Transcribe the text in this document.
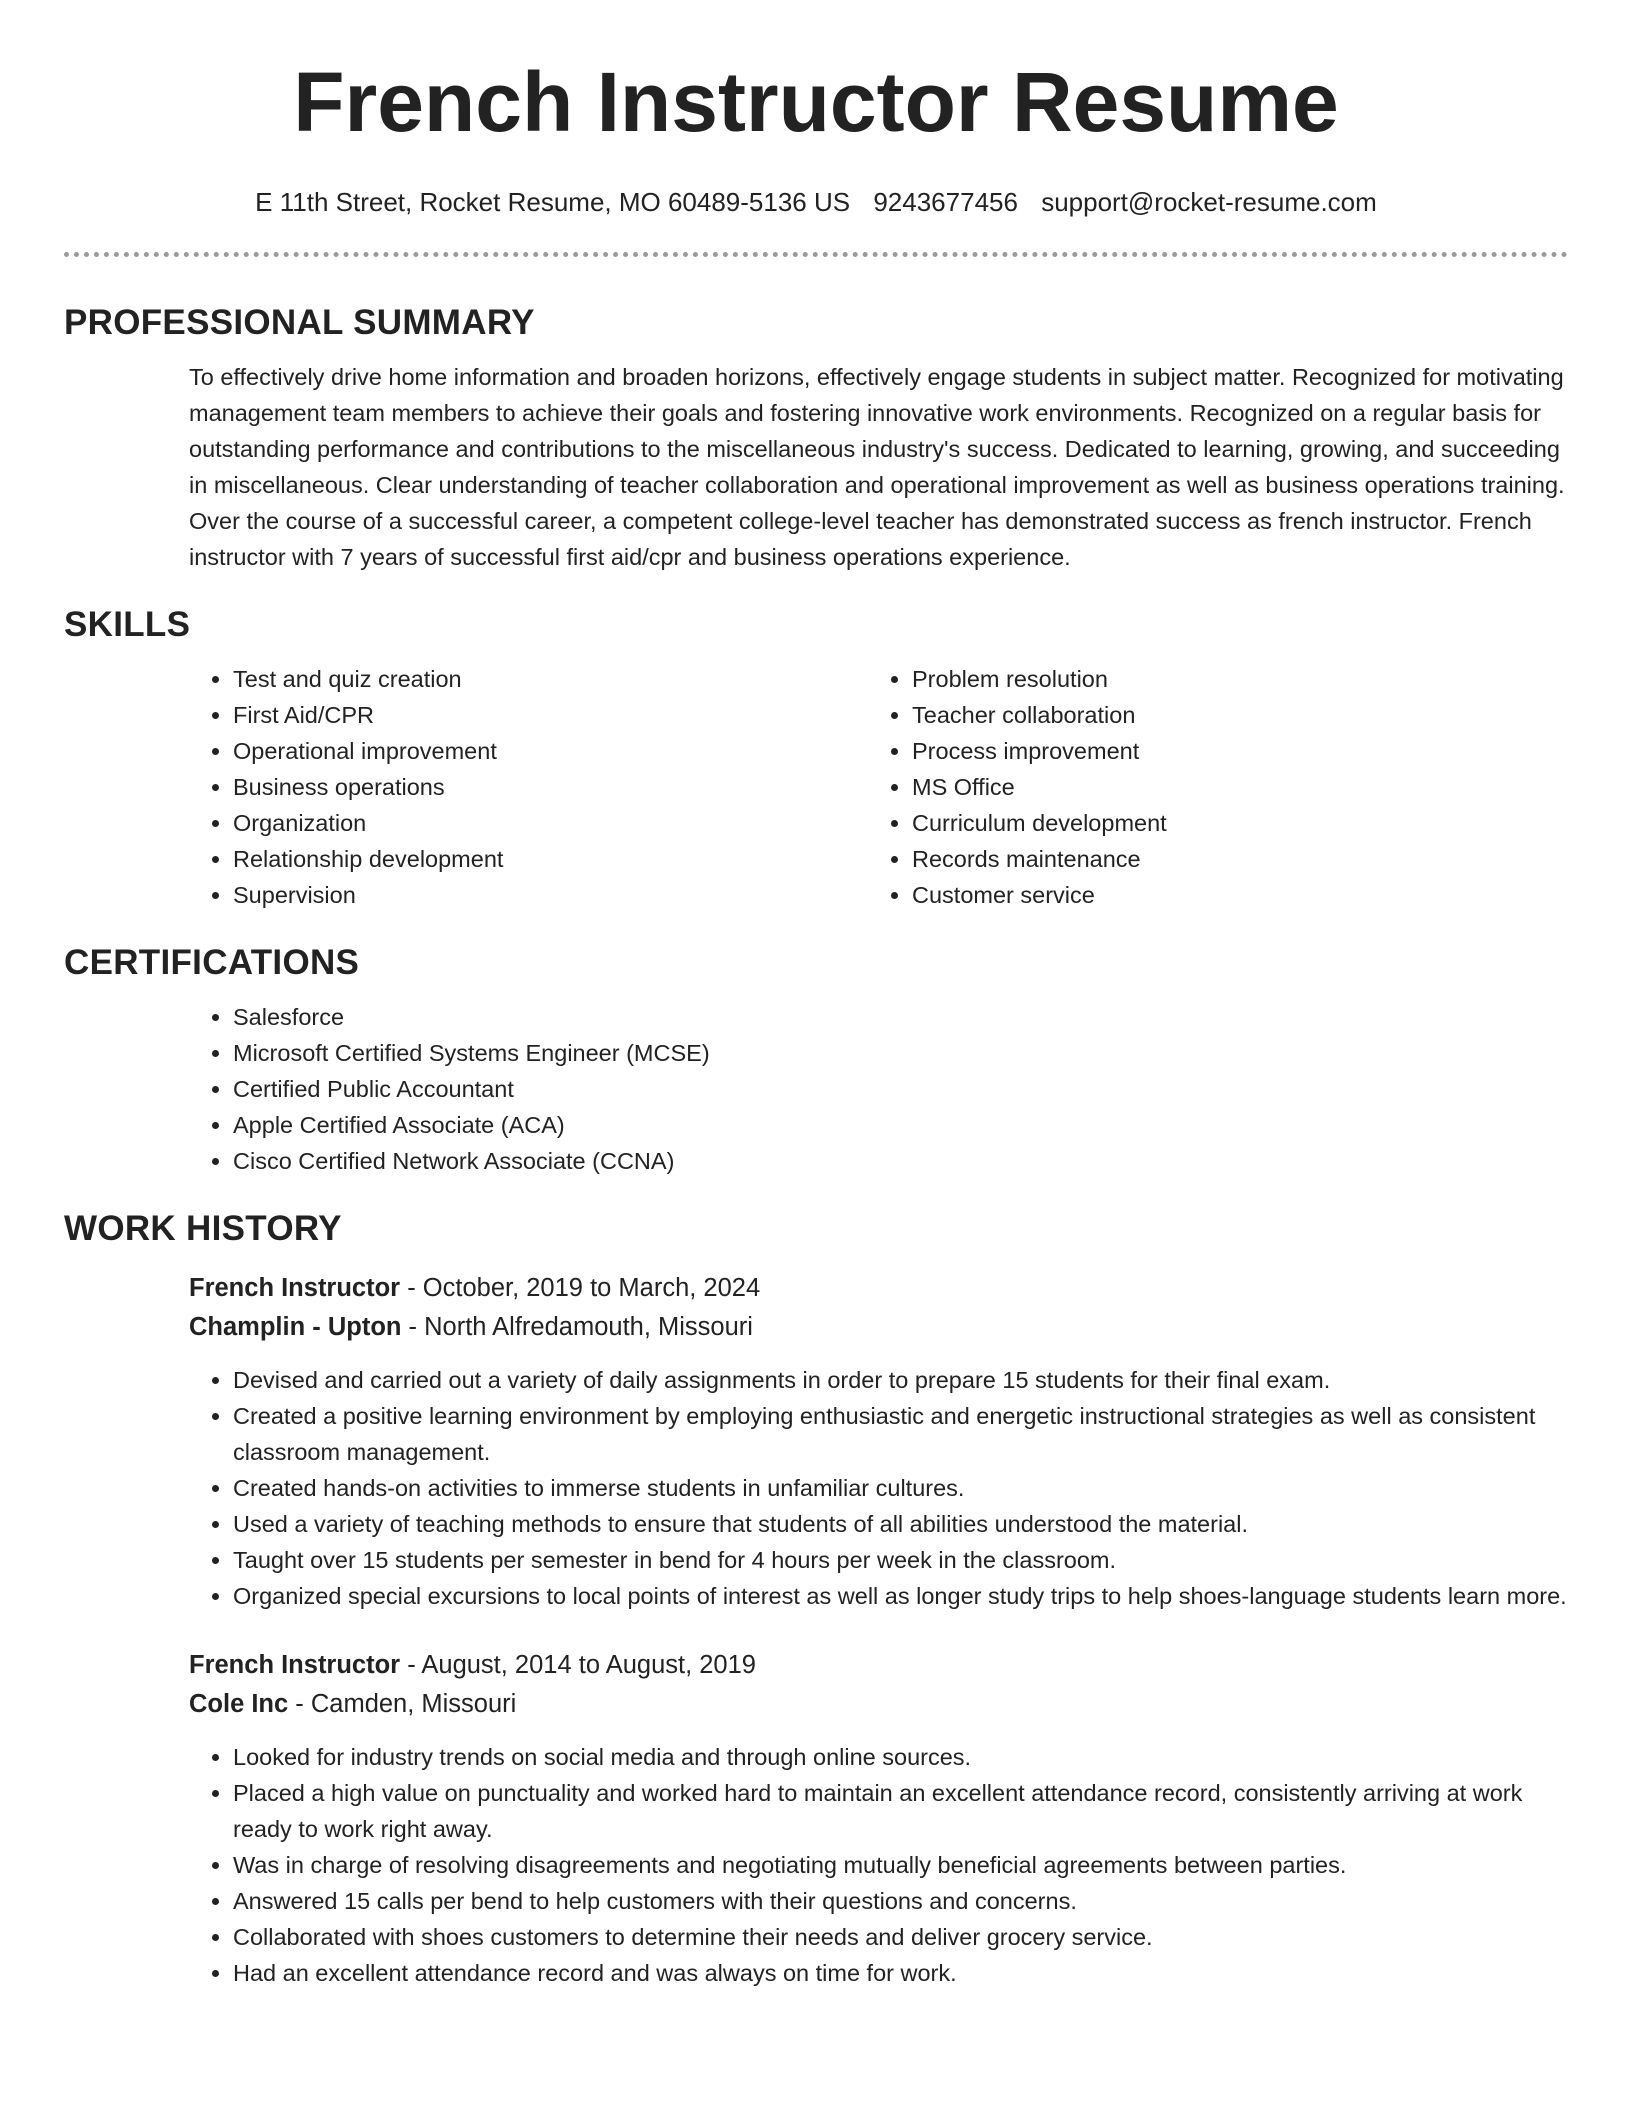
French Instructor Resume
E 11th Street, Rocket Resume, MO 60489-5136 US 9243677456 support@rocket-resume.com
PROFESSIONAL SUMMARY

To effectively drive home information and broaden horizons, effectively engage students in subject matter. Recognized for motivating management team members to achieve their goals and fostering innovative work environments. Recognized on a regular basis for outstanding performance and contributions to the miscellaneous industry's success. Dedicated to learning, growing, and succeeding in miscellaneous. Clear understanding of teacher collaboration and operational improvement as well as business operations training. Over the course of a successful career, a competent college-level teacher has demonstrated success as french instructor. French instructor with 7 years of successful first aid/cpr and business operations experience.

SKILLS
• Test and quiz creation
• First Aid/CPR
• Operational improvement
• Business operations
• Organization
• Relationship development
• Supervision
• Problem resolution
• Teacher collaboration
• Process improvement
• MS Office
• Curriculum development
• Records maintenance
• Customer service
CERTIFICATIONS
• Salesforce
• Microsoft Certified Systems Engineer (MCSE)
• Certified Public Accountant
• Apple Certified Associate (ACA)
• Cisco Certified Network Associate (CCNA)
WORK HISTORY
French Instructor - October, 2019 to March, 2024
Champlin - Upton - North Alfredamouth, Missouri
• Devised and carried out a variety of daily assignments in order to prepare 15 students for their final exam.
• Created a positive learning environment by employing enthusiastic and energetic instructional strategies as well as consistent classroom management.
• Created hands-on activities to immerse students in unfamiliar cultures.
• Used a variety of teaching methods to ensure that students of all abilities understood the material.
• Taught over 15 students per semester in bend for 4 hours per week in the classroom.
• Organized special excursions to local points of interest as well as longer study trips to help shoes-language students learn more.
French Instructor - August, 2014 to August, 2019
Cole Inc - Camden, Missouri
• Looked for industry trends on social media and through online sources.
• Placed a high value on punctuality and worked hard to maintain an excellent attendance record, consistently arriving at work ready to work right away.
• Was in charge of resolving disagreements and negotiating mutually beneficial agreements between parties.
• Answered 15 calls per bend to help customers with their questions and concerns.
• Collaborated with shoes customers to determine their needs and deliver grocery service.
• Had an excellent attendance record and was always on time for work.
